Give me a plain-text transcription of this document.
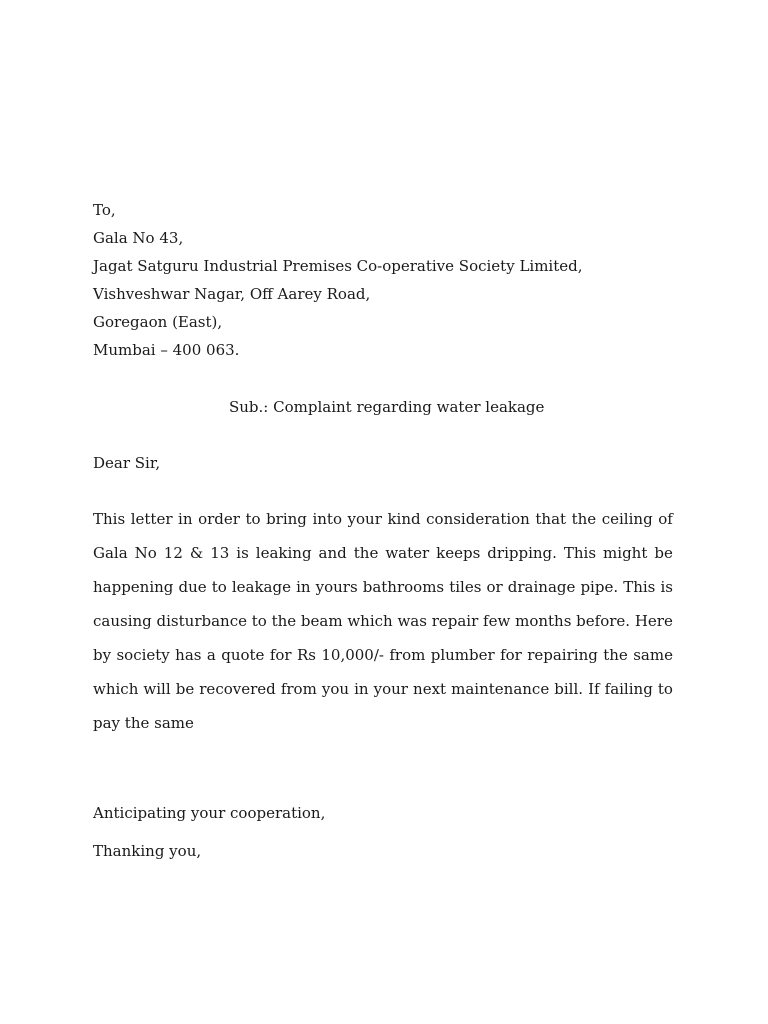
To,
Gala No 43,
Jagat Satguru Industrial Premises Co-operative Society Limited,
Vishveshwar Nagar, Off Aarey Road,
Goregaon (East),
Mumbai – 400 063.
Sub.: Complaint regarding water leakage
Dear Sir,
This letter in order to bring into your kind consideration that the ceiling of
Gala No 12 & 13 is leaking and the water keeps dripping. This might be
happening due to leakage in yours bathrooms tiles or drainage pipe. This is
causing disturbance to the beam which was repair few months before. Here
by society has a quote for Rs 10,000/- from plumber for repairing the same
which will be recovered from you in your next maintenance bill. If failing to
pay the same
Anticipating your cooperation,
Thanking you,
